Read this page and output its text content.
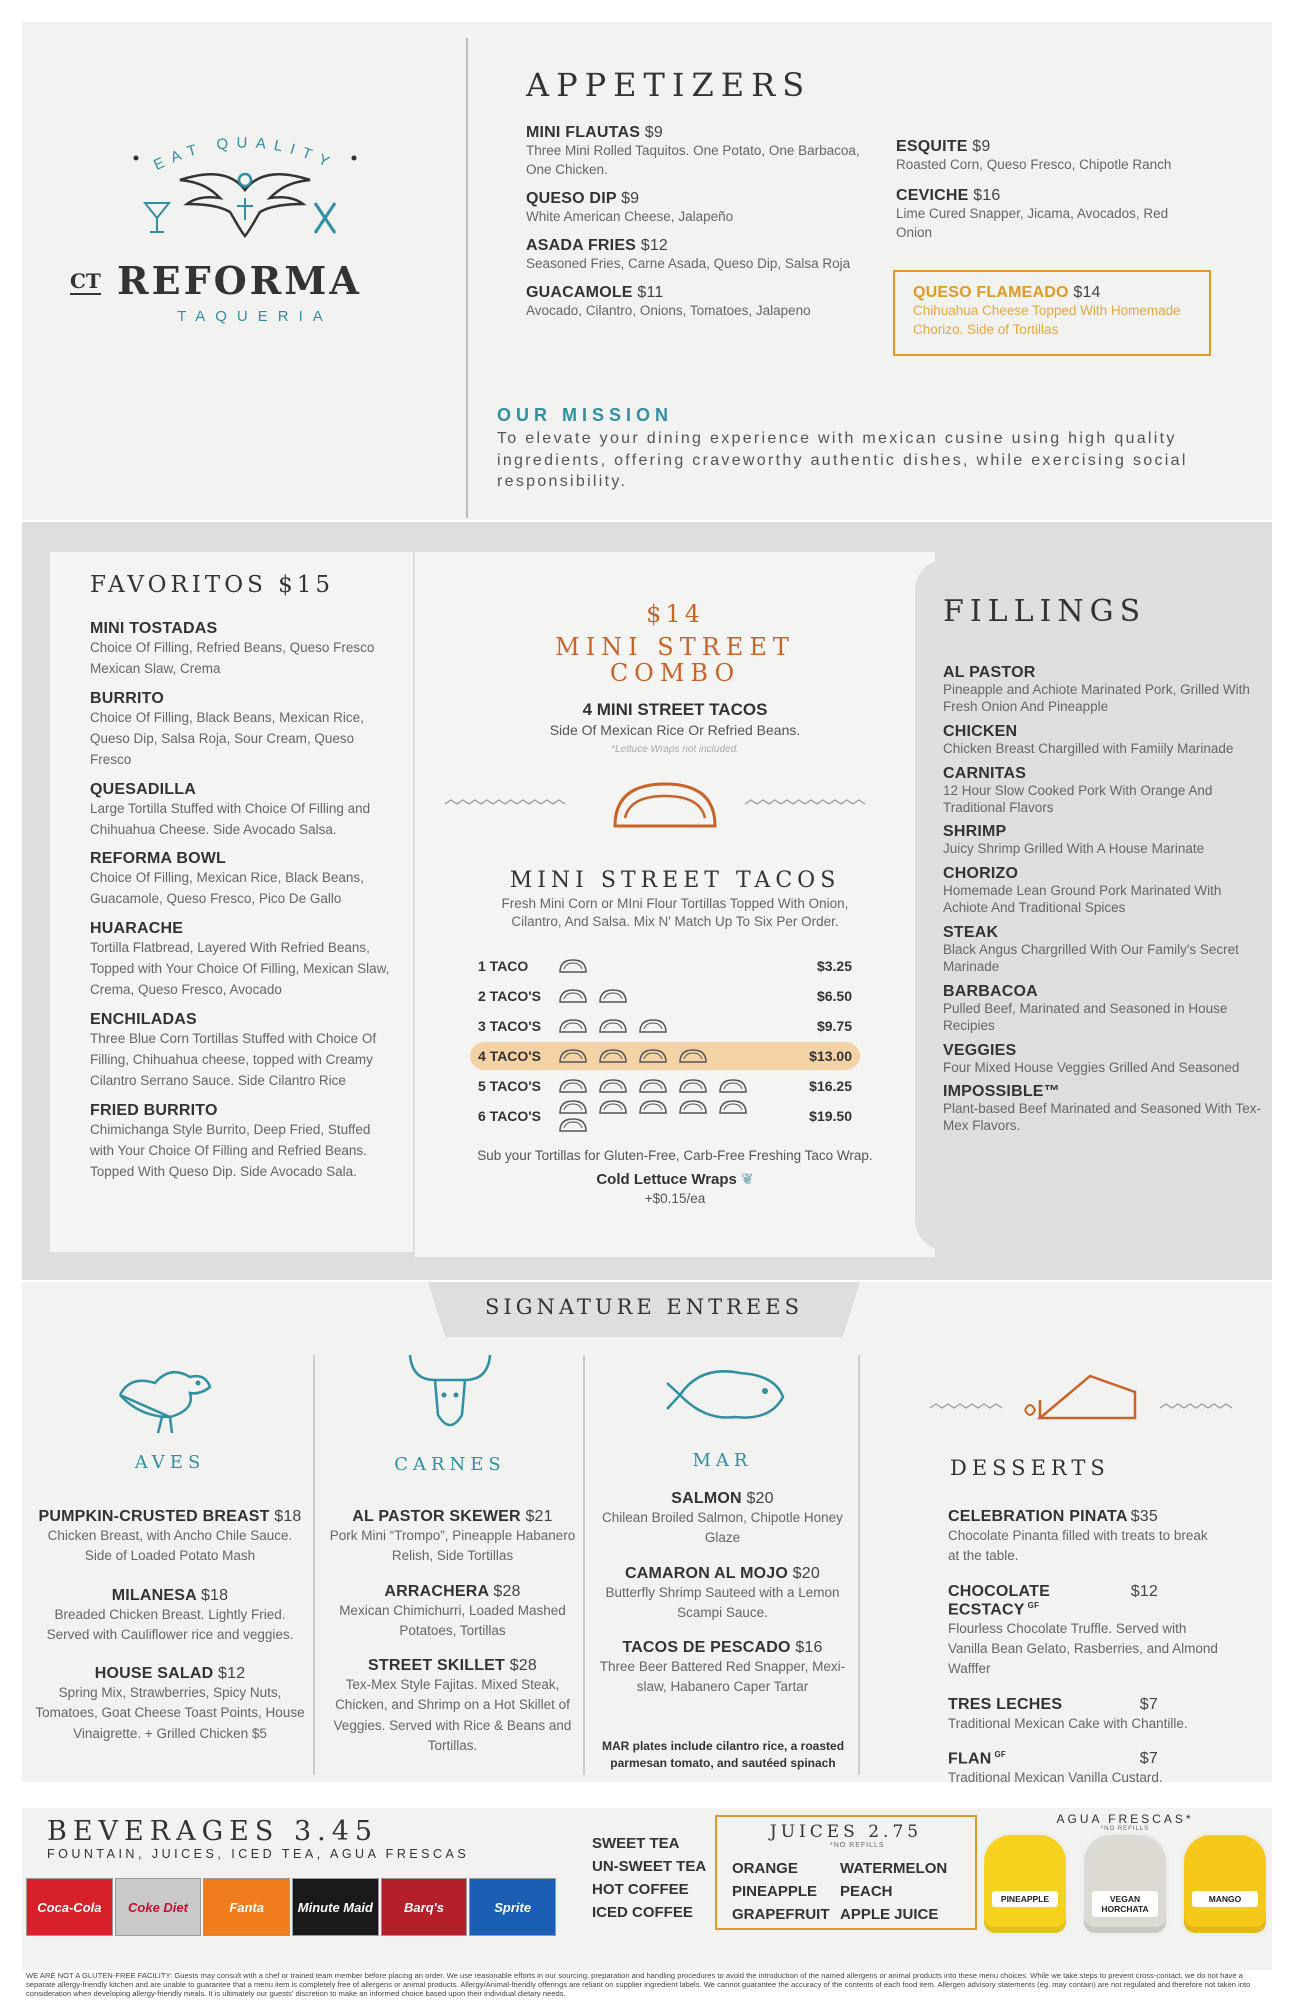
EAT QUALITY
CT REFORMA
TAQUERIA
APPETIZERS
MINI FLAUTAS $9
Three Mini Rolled Taquitos. One Potato, One Barbacoa, One Chicken.
QUESO DIP $9
White American Cheese, Jalapeño
ASADA FRIES $12
Seasoned Fries, Carne Asada, Queso Dip, Salsa Roja
GUACAMOLE $11
Avocado, Cilantro, Onions, Tomatoes, Jalapeno
ESQUITE $9
Roasted Corn, Queso Fresco, Chipotle Ranch
CEVICHE $16
Lime Cured Snapper, Jicama, Avocados, Red Onion
QUESO FLAMEADO $14
Chihuahua Cheese Topped With Homemade Chorizo. Side of Tortillas
OUR MISSION
To elevate your dining experience with mexican cusine using high quality ingredients, offering craveworthy authentic dishes, while exercising social responsibility.
FAVORITOS $15
MINI TOSTADAS
Choice Of Filling, Refried Beans, Queso Fresco Mexican Slaw, Crema
BURRITO
Choice Of Filling, Black Beans, Mexican Rice, Queso Dip, Salsa Roja, Sour Cream, Queso Fresco
QUESADILLA
Large Tortilla Stuffed with Choice Of Filling and Chihuahua Cheese. Side Avocado Salsa.
REFORMA BOWL
Choice Of Filling, Mexican Rice, Black Beans, Guacamole, Queso Fresco, Pico De Gallo
HUARACHE
Tortilla Flatbread, Layered With Refried Beans, Topped with Your Choice Of Filling, Mexican Slaw, Crema, Queso Fresco, Avocado
ENCHILADAS
Three Blue Corn Tortillas Stuffed with Choice Of Filling, Chihuahua cheese, topped with Creamy Cilantro Serrano Sauce. Side Cilantro Rice
FRIED BURRITO
Chimichanga Style Burrito, Deep Fried, Stuffed with Your Choice Of Filling and Refried Beans. Topped With Queso Dip. Side Avocado Sala.
$14
MINI STREET
COMBO
4 MINI STREET TACOS
Side Of Mexican Rice Or Refried Beans.
*Lettuce Wraps not included.
MINI STREET TACOS
Fresh Mini Corn or MIni Flour Tortillas Topped With Onion, Cilantro, And Salsa. Mix N' Match Up To Six Per Order.
1 TACO	$3.25
2 TACO'S	$6.50
3 TACO'S	$9.75
4 TACO'S	$13.00
5 TACO'S	$16.25
6 TACO'S	$19.50
Sub your Tortillas for Gluten-Free, Carb-Free Freshing Taco Wrap.
Cold Lettuce Wraps ❦
+$0.15/ea
FILLINGS
AL PASTOR
Pineapple and Achiote Marinated Pork, Grilled With Fresh Onion And Pineapple
CHICKEN
Chicken Breast Chargilled with Famiily Marinade
CARNITAS
12 Hour Slow Cooked Pork With Orange And Traditional Flavors
SHRIMP
Juicy Shrimp Grilled With A House Marinate
CHORIZO
Homemade Lean Ground Pork Marinated With Achiote And Traditional Spices
STEAK
Black Angus Chargrilled With Our Family's Secret Marinade
BARBACOA
Pulled Beef, Marinated and Seasoned in House Recipies
VEGGIES
Four Mixed House Veggies Grilled And Seasoned
IMPOSSIBLE™
Plant-based Beef Marinated and Seasoned With Tex-Mex Flavors.
SIGNATURE ENTREES
AVES	CARNES	MAR	DESSERTS
PUMPKIN-CRUSTED BREAST $18
Chicken Breast, with Ancho Chile Sauce. Side of Loaded Potato Mash
MILANESA $18
Breaded Chicken Breast. Lightly Fried. Served with Cauliflower rice and veggies.
HOUSE SALAD $12
Spring Mix, Strawberries, Spicy Nuts, Tomatoes, Goat Cheese Toast Points, House Vinaigrette. + Grilled Chicken $5
AL PASTOR SKEWER $21
Pork Mini “Trompo”, Pineapple Habanero Relish, Side Tortillas
ARRACHERA $28
Mexican Chimichurri, Loaded Mashed Potatoes, Tortillas
STREET SKILLET $28
Tex-Mex Style Fajitas. Mixed Steak, Chicken, and Shrimp on a Hot Skillet of Veggies. Served with Rice & Beans and Tortillas.
SALMON $20
Chilean Broiled Salmon, Chipotle Honey Glaze
CAMARON AL MOJO $20
Butterfly Shrimp Sauteed with a Lemon Scampi Sauce.
TACOS DE PESCADO $16
Three Beer Battered Red Snapper, Mexi-slaw, Habanero Caper Tartar
MAR plates include cilantro rice, a roasted parmesan tomato, and sautéed spinach
CELEBRATION PINATA $35
Chocolate Pinanta filled with treats to break at the table.
CHOCOLATE ECSTACY $^{GF}$
$12
Flourless Chocolate Truffle. Served with Vanilla Bean Gelato, Rasberries, and Almond Wafffer
TRES LECHES	$7
Traditional Mexican Cake with Chantille.
FLAN $^{GF}$	$7
Traditional Mexican Vanilla Custard.
BEVERAGES 3.45
FOUNTAIN, JUICES, ICED TEA, AGUA FRESCAS
Coca-Cola Coke Diet	Fanta	Minute Maid Barq's	Sprite
SWEET TEA
UN-SWEET TEA
HOT COFFEE
ICED COFFEE
JUICES 2.75
*NO REFILLS
ORANGE
PINEAPPLE
GRAPEFRUIT
WATERMELON
PEACH
APPLE JUICE
AGUA FRESCAS*
*NO REFILLS
PINEAPPLE	VEGAN HORCHATA
MANGO
WE ARE NOT A GLUTEN-FREE FACILITY: Guests may consult with a chef or trained team member before placing an order. We use reasonable efforts in our sourcing, preparation and handling procedures to avoid the introduction of the named allergens or animal products into these menu choices. While we take steps to prevent cross-contact, we do not have a separate allergy-friendly kitchen and are unable to guarantee that a menu item is completely free of allergens or animal products. Allergy/Animal-friendly offerings are reliant on supplier ingredient labels. We cannot guarantee the accuracy of the contents of each food item. Allergen advisory statements (eg. may contain) are not regulated and therefore not taken into consideration when developing allergy-friendly meals. It is ultimately our guests' discretion to make an informed choice based upon their individual dietary needs.
